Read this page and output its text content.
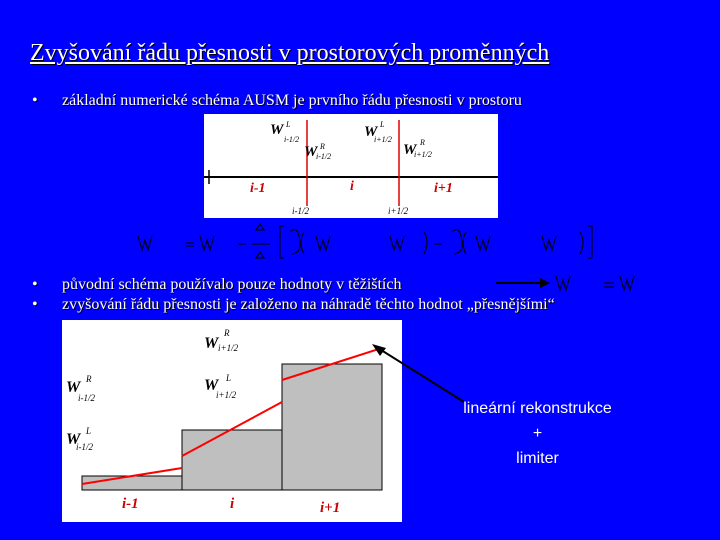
Zvyšování řádu přesnosti v prostorových proměnných
• základní numerické schéma AUSM je prvního řádu přesnosti v prostoru
i-1	i	i+1
i-1/2	i+1/2
W L
i-1/2
W R
i-1/2
W L
i+1/2
W R
i+1/2
• původní schéma používalo pouze hodnoty v těžištích
• zvyšování řádu přesnosti je založeno na náhradě těchto hodnot „přesnějšími“
i-1	i	i+1
W
R
i+1/2
W R
i-1/2
W L
i+1/2
W L
i-1/2
lineární rekonstrukce
+
limiter
